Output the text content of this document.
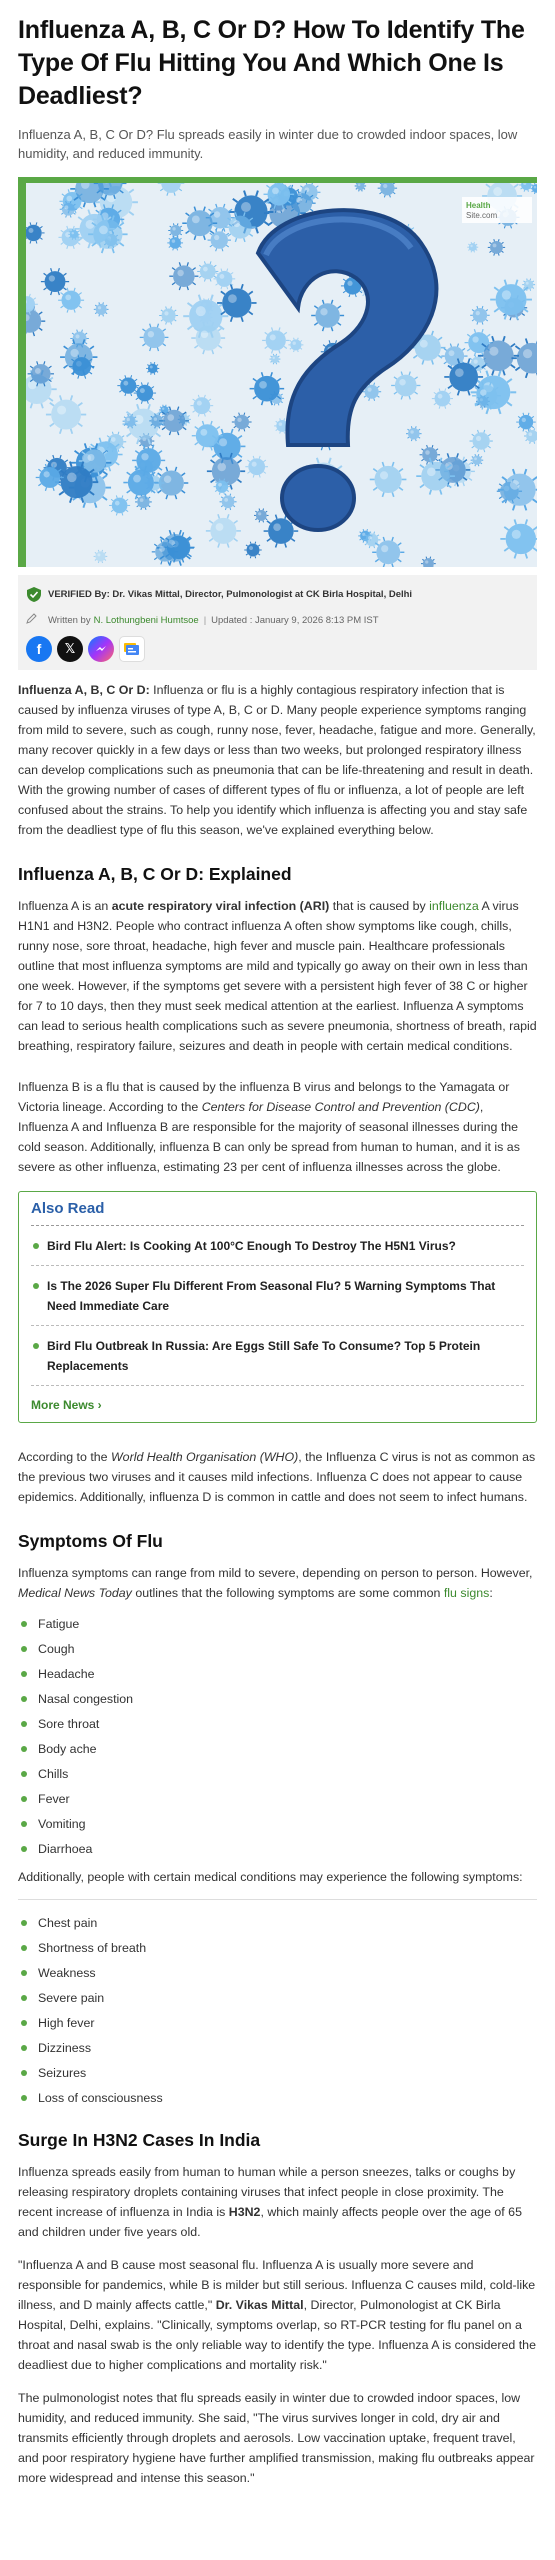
Influenza A, B, C Or D? How To Identify The Type Of Flu Hitting You And Which One Is Deadliest?

Influenza A, B, C Or D? Flu spreads easily in winter due to crowded indoor spaces, low humidity, and reduced immunity.

Health
Site.com
VERIFIED By:
Dr. Vikas Mittal, Director, Pulmonologist at CK Birla Hospital, Delhi
Written by N. Lothungbeni Humtsoe | Updated : January 9, 2026 8:13 PM IST
f	𝕏

Influenza A, B, C Or D: Influenza or flu is a highly contagious respiratory infection that is caused by influenza viruses of type A, B, C or D. Many people experience symptoms ranging from mild to severe, such as cough, runny nose, fever, headache, fatigue and more. Generally, many recover quickly in a few days or less than two weeks, but prolonged respiratory illness can develop complications such as pneumonia that can be life-threatening and result in death. With the growing number of cases of different types of flu or influenza, a lot of people are left confused about the strains. To help you identify which influenza is affecting you and stay safe from the deadliest type of flu this season, we've explained everything below.

Influenza A, B, C Or D: Explained

Influenza A is an acute respiratory viral infection (ARI) that is caused by influenza A virus H1N1 and H3N2. People who contract influenza A often show symptoms like cough, chills, runny nose, sore throat, headache, high fever and muscle pain. Healthcare professionals outline that most influenza symptoms are mild and typically go away on their own in less than one week. However, if the symptoms get severe with a persistent high fever of 38 C or higher for 7 to 10 days, then they must seek medical attention at the earliest. Influenza A symptoms can lead to serious health complications such as severe pneumonia, shortness of breath, rapid breathing, respiratory failure, seizures and death in people with certain medical conditions.

Influenza B is a flu that is caused by the influenza B virus and belongs to the Yamagata or Victoria lineage. According to the Centers for Disease Control and Prevention (CDC), Influenza A and Influenza B are responsible for the majority of seasonal illnesses during the cold season. Additionally, influenza B can only be spread from human to human, and it is as severe as other influenza, estimating 23 per cent of influenza illnesses across the globe.

Also Read
Bird Flu Alert: Is Cooking At 100°C Enough To Destroy The H5N1 Virus?
Is The 2026 Super Flu Different From Seasonal Flu? 5 Warning Symptoms That Need Immediate Care
Bird Flu Outbreak In Russia: Are Eggs Still Safe To Consume? Top 5 Protein Replacements
More News ›

According to the World Health Organisation (WHO), the Influenza C virus is not as common as the previous two viruses and it causes mild infections. Influenza C does not appear to cause epidemics. Additionally, influenza D is common in cattle and does not seem to infect humans.

Symptoms Of Flu

Influenza symptoms can range from mild to severe, depending on person to person. However, Medical News Today outlines that the following symptoms are some common flu signs:

Fatigue
Cough
Headache
Nasal congestion
Sore throat
Body ache
Chills
Fever
Vomiting
Diarrhoea

Additionally, people with certain medical conditions may experience the following symptoms:

Chest pain
Shortness of breath
Weakness
Severe pain
High fever
Dizziness
Seizures
Loss of consciousness
Surge In H3N2 Cases In India

Influenza spreads easily from human to human while a person sneezes, talks or coughs by releasing respiratory droplets containing viruses that infect people in close proximity. The recent increase of influenza in India is H3N2, which mainly affects people over the age of 65 and children under five years old.

"Influenza A and B cause most seasonal flu. Influenza A is usually more severe and responsible for pandemics, while B is milder but still serious. Influenza C causes mild, cold-like illness, and D mainly affects cattle," Dr. Vikas Mittal, Director, Pulmonologist at CK Birla Hospital, Delhi, explains. "Clinically, symptoms overlap, so RT-PCR testing for flu panel on a throat and nasal swab is the only reliable way to identify the type. Influenza A is considered the deadliest due to higher complications and mortality risk."

The pulmonologist notes that flu spreads easily in winter due to crowded indoor spaces, low humidity, and reduced immunity. She said, "The virus survives longer in cold, dry air and transmits efficiently through droplets and aerosols. Low vaccination uptake, frequent travel, and poor respiratory hygiene have further amplified transmission, making flu outbreaks appear more widespread and intense this season."
